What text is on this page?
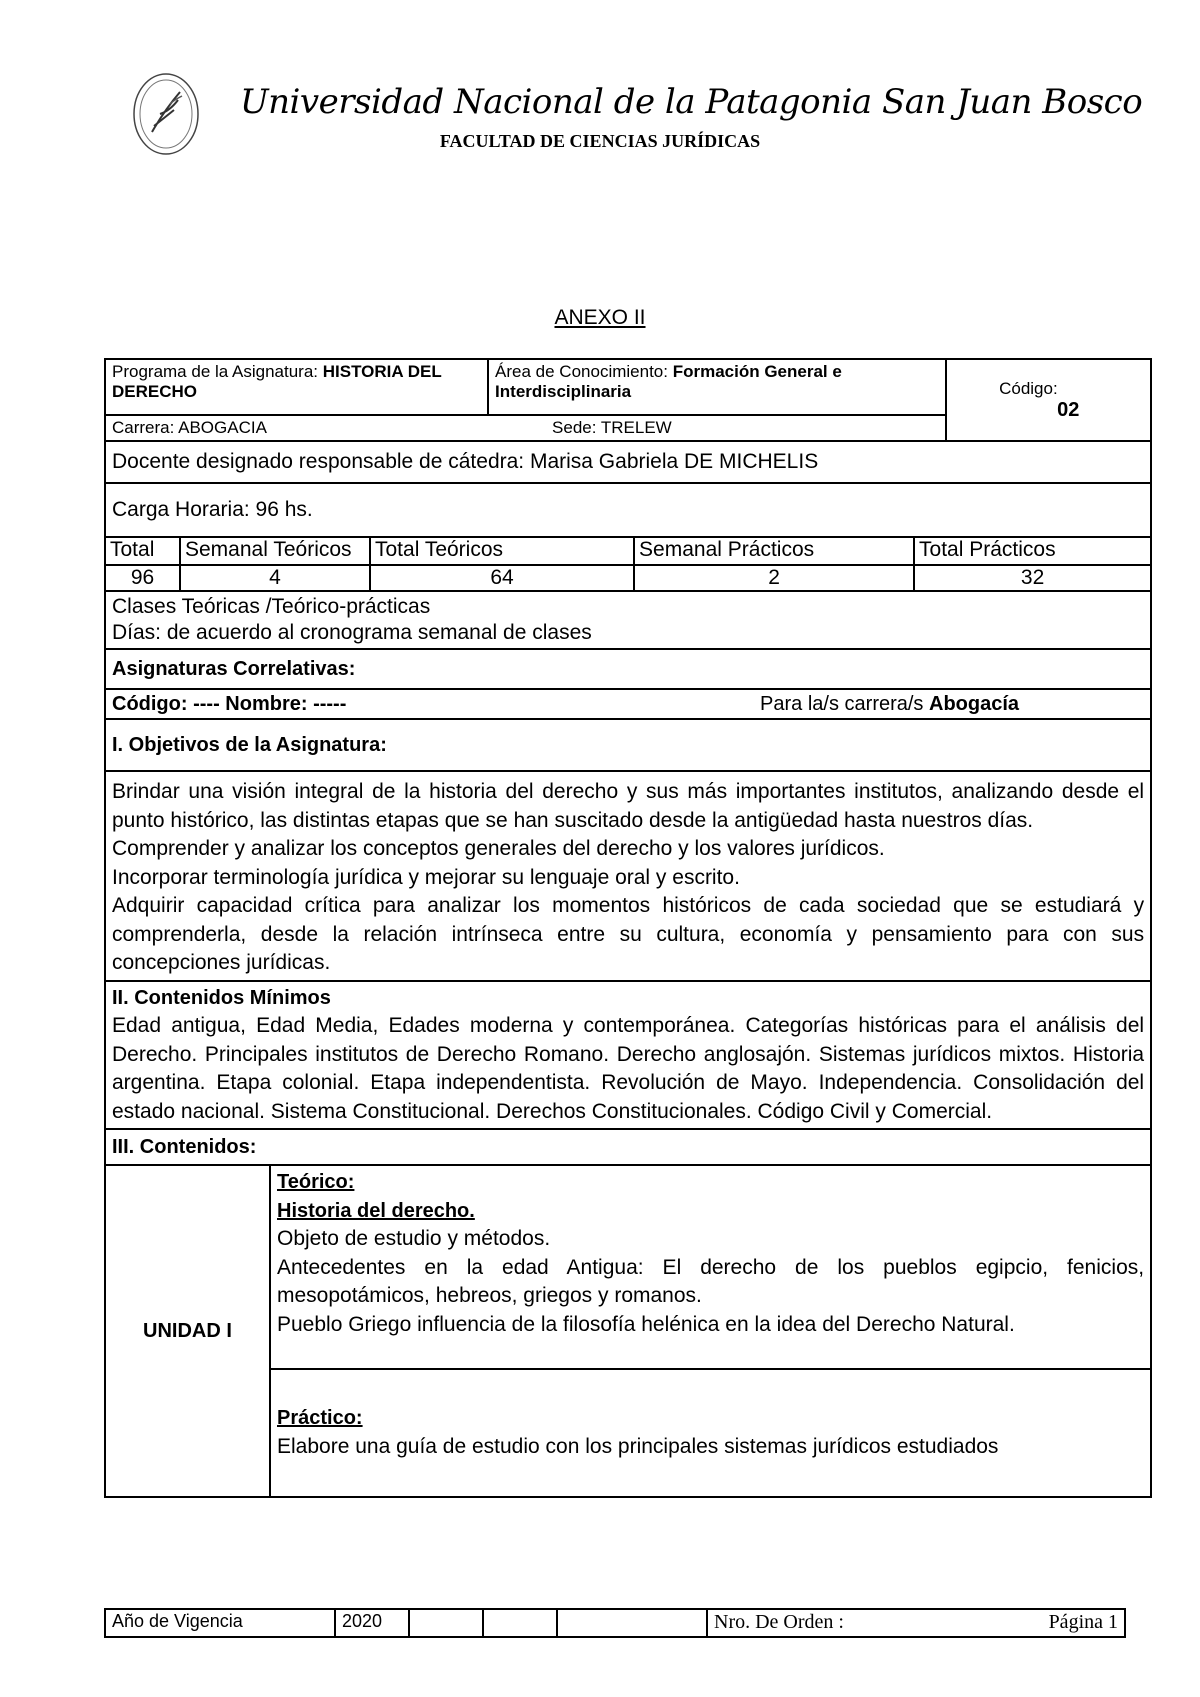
Universidad Nacional de la Patagonia San Juan Bosco
FACULTAD DE CIENCIAS JURÍDICAS
ANEXO II
Programa de la Asignatura: HISTORIA DEL DERECHO				Área de Conocimiento: Formación General e Interdisciplinaria				Código:
02

Carrera: ABOGACIA				Sede: TRELEW				
Docente designado responsable de cátedra: Marisa Gabriela DE MICHELIS								
Carga Horaria: 96 hs.								
Total	Semanal Teóricos		Total Teóricos		Semanal Prácticos		Total Prácticos	
96	4		64		2		32	

Clases Teóricas /Teórico-prácticas
Días: de acuerdo al cronograma semanal de clases								

Asignaturas Correlativas:								
Código: ---- Nombre: -----						Para la/s carrera/s Abogacía		
I. Objetivos de la Asignatura:								

Brindar una visión integral de la historia del derecho y sus más importantes institutos, analizando desde el punto histórico, las distintas etapas que se han suscitado desde la antigüedad hasta nuestros días.
Comprender y analizar los conceptos generales del derecho y los valores jurídicos.
Incorporar terminología jurídica y mejorar su lenguaje oral y escrito.
Adquirir capacidad crítica para analizar los momentos históricos de cada sociedad que se estudiará y comprenderla, desde la relación intrínseca entre su cultura, economía y pensamiento para con sus concepciones jurídicas.								

II. Contenidos Mínimos
Edad antigua, Edad Media, Edades moderna y contemporánea. Categorías históricas para el análisis del Derecho. Principales institutos de Derecho Romano. Derecho anglosajón. Sistemas jurídicos mixtos. Historia argentina. Etapa colonial. Etapa independentista. Revolución de Mayo. Independencia. Consolidación del estado nacional. Sistema Constitucional. Derechos Constitucionales. Código Civil y Comercial.								

III. Contenidos:								
UNIDAD I		Teórico:
Historia del derecho.
Objeto de estudio y métodos.
Antecedentes en la edad Antigua: El derecho de los pueblos egipcio, fenicios, mesopotámicos, hebreos, griegos y romanos.
Pueblo Griego influencia de la filosofía helénica en la idea del Derecho Natural.						

		Práctico:
Elabore una guía de estudio con los principales sistemas jurídicos estudiados						
Año de Vigencia	2020				Nro. De Orden :	Página 1
